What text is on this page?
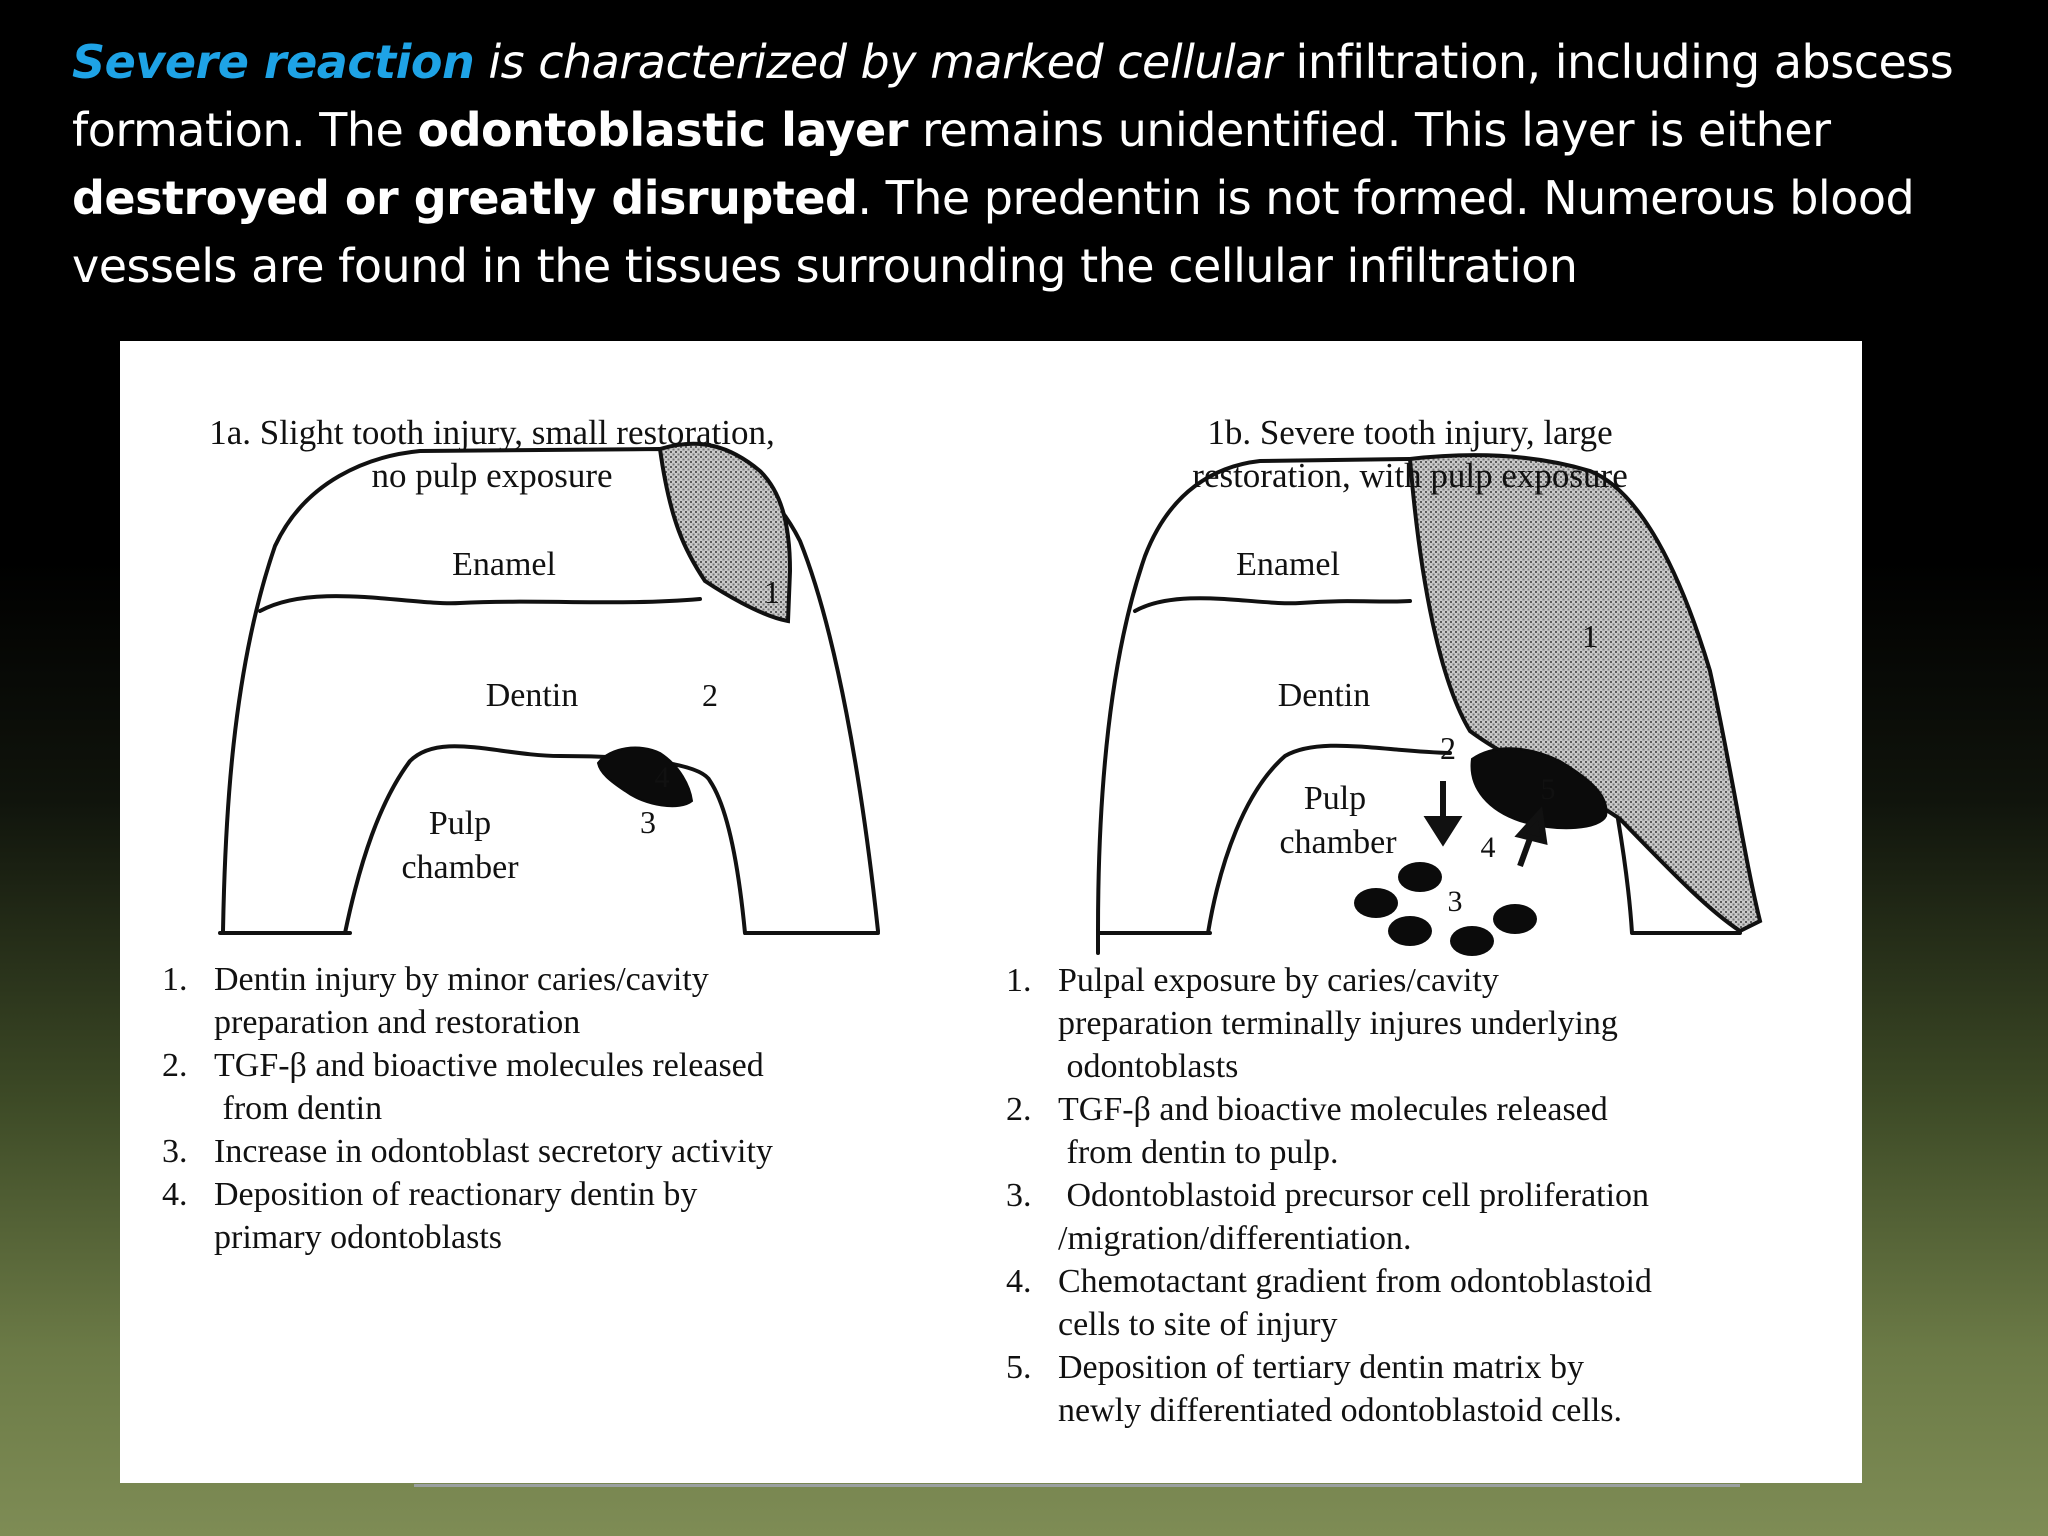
Severe reaction is characterized by marked cellular infiltration, including abscess formation. The odontoblastic layer remains unidentified. This layer is either destroyed or greatly disrupted. The predentin is not formed. Numerous blood vessels are found in the tissues surrounding the cellular infiltration
Enamel
Dentin
Pulp
chamber
1
2
3
4
Enamel
Dentin
Pulp
chamber
1
2
3
4
5
1a. Slight tooth injury, small restoration,
no pulp exposure
1b. Severe tooth injury, large
restoration, with pulp exposure
1. Dentin injury by minor caries/cavity
preparation and restoration
2. TGF-β and bioactive molecules released
from dentin
3. Increase in odontoblast secretory activity
4. Deposition of reactionary dentin by
primary odontoblasts
1. Pulpal exposure by caries/cavity
preparation terminally injures underlying
odontoblasts
2. TGF-β and bioactive molecules released
from dentin to pulp.
3. Odontoblastoid precursor cell proliferation
/migration/differentiation.
4. Chemotactant gradient from odontoblastoid
cells to site of injury
5. Deposition of tertiary dentin matrix by
newly differentiated odontoblastoid cells.
